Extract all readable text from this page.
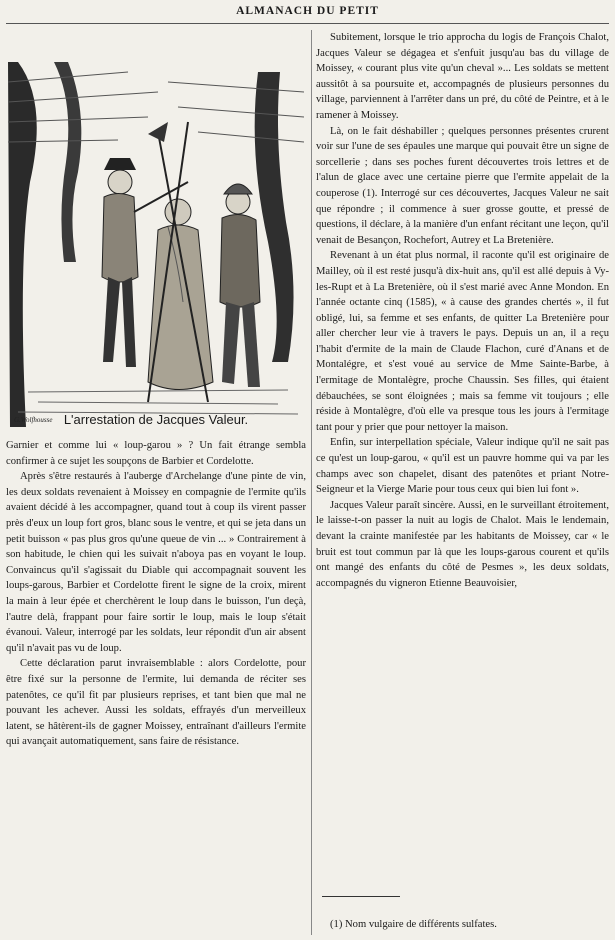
ALMANACH DU PETIT
G.Wolfhousse L'arrestation de Jacques Valeur.

Garnier et comme lui « loup-garou » ? Un fait étrange sembla confirmer à ce sujet les soupçons de Barbier et Cordelotte.

Après s'être restaurés à l'auberge d'Archelange d'une pinte de vin, les deux soldats revenaient à Moissey en compagnie de l'ermite qu'ils avaient décidé à les accompagner, quand tout à coup ils virent passer près d'eux un loup fort gros, blanc sous le ventre, et qui se jeta dans un petit buisson « pas plus gros qu'une queue de vin ... » Contrairement à son habitude, le chien qui les suivait n'aboya pas en voyant le loup. Convaincus qu'il s'agissait du Diable qui accompagnait souvent les loups-garous, Barbier et Cordelotte firent le signe de la croix, mirent la main à leur épée et cherchèrent le loup dans le buisson, l'un deçà, l'autre delà, frappant pour faire sortir le loup, mais le loup s'était évanoui. Valeur, interrogé par les soldats, leur répondit d'un air absent qu'il n'avait pas vu de loup.

Cette déclaration parut invraisemblable : alors Cordelotte, pour être fixé sur la personne de l'ermite, lui demanda de réciter ses patenôtes, ce qu'il fit par plusieurs reprises, et tant bien que mal ne pouvant les achever. Aussi les soldats, effrayés d'un merveilleux latent, se hâtèrent-ils de gagner Moissey, entraînant d'ailleurs l'ermite qui avançait automatiquement, sans faire de résistance.

Subitement, lorsque le trio approcha du logis de François Chalot, Jacques Valeur se dégagea et s'enfuit jusqu'au bas du village de Moissey, « courant plus vite qu'un cheval »... Les soldats se mettent aussitôt à sa poursuite et, accompagnés de plusieurs personnes du village, parviennent à l'arrêter dans un pré, du côté de Peintre, et à le ramener à Moissey.

Là, on le fait déshabiller ; quelques personnes présentes crurent voir sur l'une de ses épaules une marque qui pouvait être un signe de sorcellerie ; dans ses poches furent découvertes trois lettres et de l'alun de glace avec une certaine pierre que l'ermite appelait de la couperose (1). Interrogé sur ces découvertes, Jacques Valeur ne sait que répondre ; il commence à suer grosse goutte, et pressé de questions, il déclare, à la manière d'un enfant récitant une leçon, qu'il venait de Besançon, Rochefort, Autrey et La Bretenière.

Revenant à un état plus normal, il raconte qu'il est originaire de Mailley, où il est resté jusqu'à dix-huit ans, qu'il est allé depuis à Vy-les-Rupt et à La Bretenière, où il s'est marié avec Anne Mondon. En l'année octante cinq (1585), « à cause des grandes chertés », il fut obligé, lui, sa femme et ses enfants, de quitter La Bretenière pour aller chercher leur vie à travers le pays. Depuis un an, il a reçu l'habit d'ermite de la main de Claude Flachon, curé d'Anans et de Montalégre, et s'est voué au service de Mme Sainte-Barbe, à l'ermitage de Montalègre, proche Chaussin. Ses filles, qui étaient débauchées, se sont éloignées ; mais sa femme vit toujours ; elle réside à Montalègre, d'où elle va presque tous les jours à l'ermitage tant pour y prier que pour nettoyer la maison.

Enfin, sur interpellation spéciale, Valeur indique qu'il ne sait pas ce qu'est un loup-garou, « qu'il est un pauvre homme qui va par les champs avec son chapelet, disant des patenôtes et priant Notre-Seigneur et la Vierge Marie pour tous ceux qui bien lui font ».

Jacques Valeur paraît sincère. Aussi, en le surveillant étroitement, le laisse-t-on passer la nuit au logis de Chalot. Mais le lendemain, devant la crainte manifestée par les habitants de Moissey, car « le bruit est tout commun par là que les loups-garous courent et qu'ils ont mangé des enfants du côté de Pesmes », les deux soldats, accompagnés du vigneron Etienne Beauvoisier,

(1) Nom vulgaire de différents sulfates.
